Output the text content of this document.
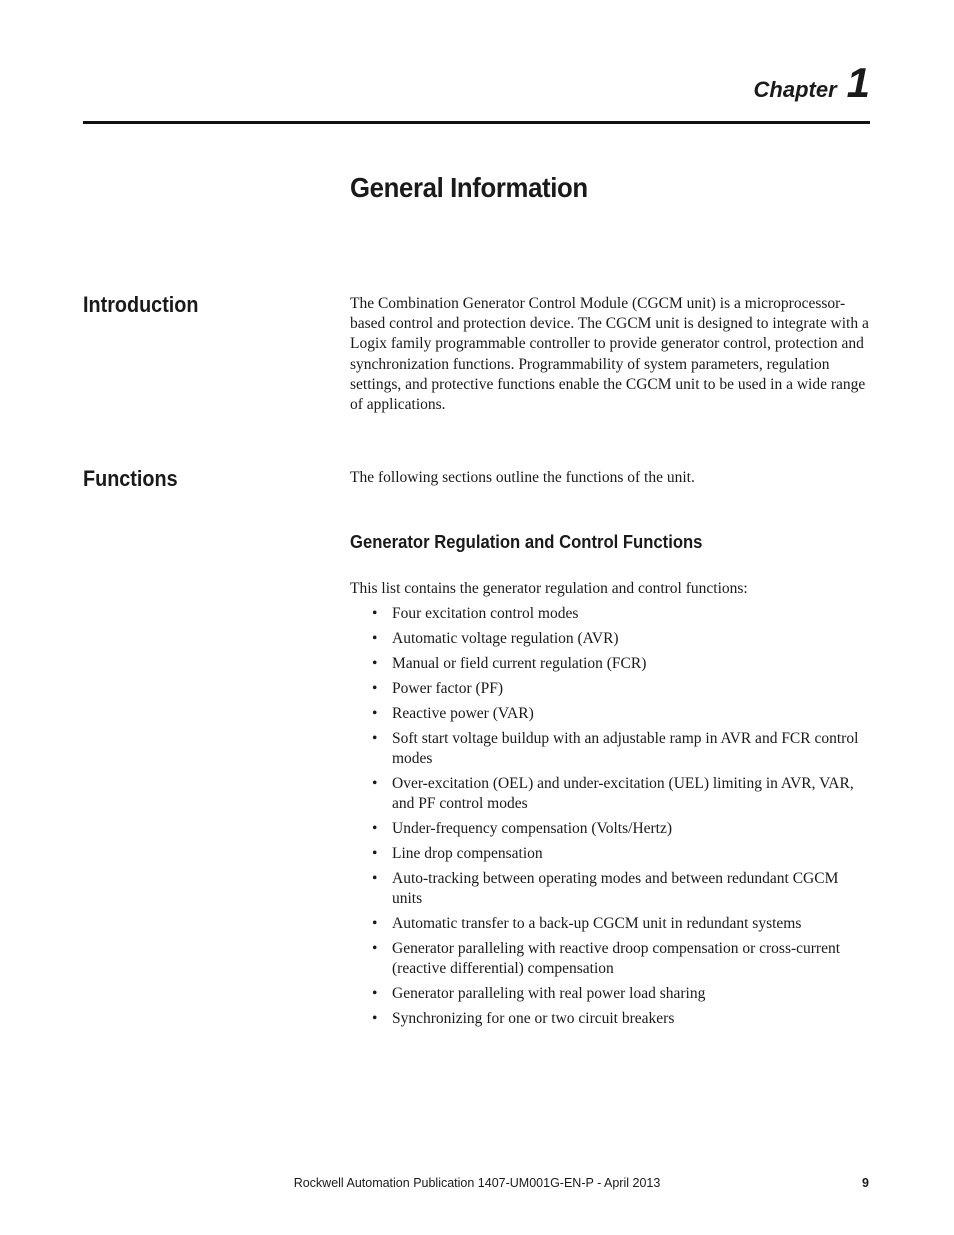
Chapter 1
General Information
Introduction	The Combination Generator Control Module (CGCM unit) is a microprocessor-based control and protection device. The CGCM unit is designed to integrate with a Logix family programmable controller to provide generator control, protection and synchronization functions. Programmability of system parameters, regulation settings, and protective functions enable the CGCM unit to be used in a wide range of applications.

Functions	The following sections outline the functions of the unit.

Generator Regulation and Control Functions

This list contains the generator regulation and control functions:

• Four excitation control modes
• Automatic voltage regulation (AVR)
• Manual or field current regulation (FCR)
• Power factor (PF)
• Reactive power (VAR)
• Soft start voltage buildup with an adjustable ramp in AVR and FCR control modes
• Over-excitation (OEL) and under-excitation (UEL) limiting in AVR, VAR, and PF control modes
• Under-frequency compensation (Volts/Hertz)
• Line drop compensation
• Auto-tracking between operating modes and between redundant CGCM units
• Automatic transfer to a back-up CGCM unit in redundant systems
• Generator paralleling with reactive droop compensation or cross-current (reactive differential) compensation
• Generator paralleling with real power load sharing
• Synchronizing for one or two circuit breakers
Rockwell Automation Publication 1407-UM001G-EN-P - April 2013	9
